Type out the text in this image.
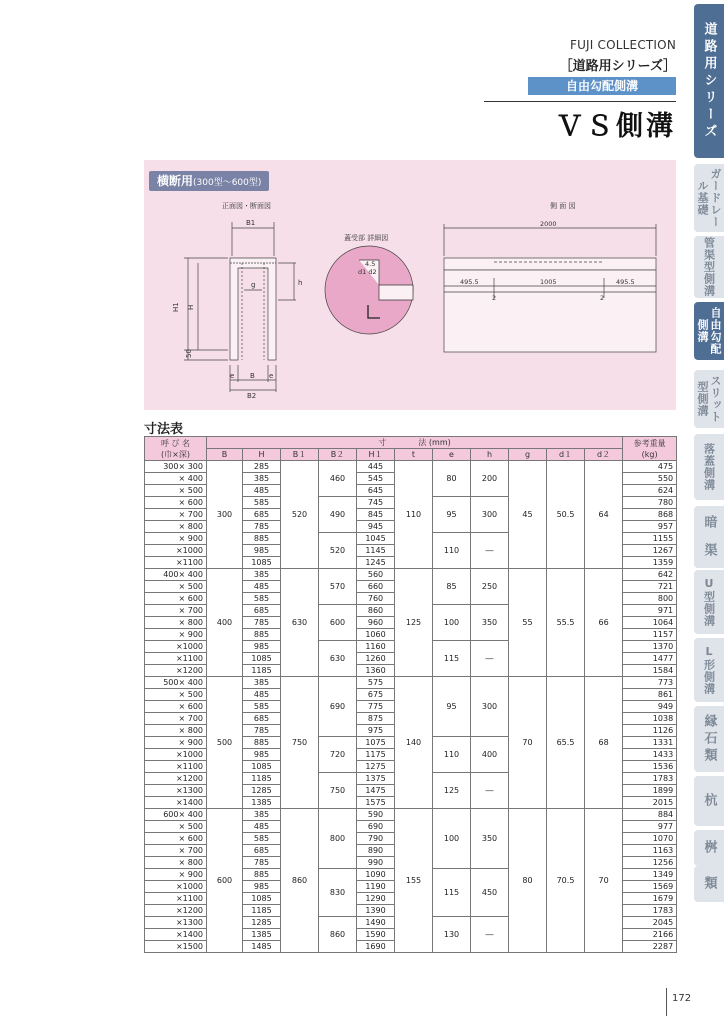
FUJI COLLECTION
［道路用シリーズ］
自由勾配側溝
ＶＳ側溝 道路用シリーズ
ガードレール基礎
管渠型側溝
自由勾配側溝
スリット型側溝
落蓋側溝
暗
渠
U型側溝
L形側溝
縁石類
杭
桝
類
正面図・断面図
蓋受部 詳細図
側 面 図
B1
H1 H
50
h
g
e B e
B2
4.5
d1 d2
2000
495.5	1005	495.5
2	2
横断用(300型～600型)
寸法表
呼 び 名
(巾×深)	寸　　　　法 (mm)											参考重量
(kg)
	B	H	B１	B２	H１	t	e	h	g	d１	d２	
300× 300	300	285	520	460	445	110	80	200	45	50.5	64	475
× 400		385			545							550
× 500		485			645							624
× 600		585		490	745		95	300				780
× 700		685			845							868
× 800		785			945							957
× 900		885		520	1045		110	―				1155
×1000		985			1145							1267
×1100		1085			1245							1359
400× 400	400	385	630	570	560	125	85	250	55	55.5	66	642
× 500		485			660							721
× 600		585			760							800
× 700		685		600	860		100	350				971
× 800		785			960							1064
× 900		885			1060							1157
×1000		985		630	1160		115	―				1370
×1100		1085			1260							1477
×1200		1185			1360							1584
500× 400	500	385	750	690	575	140	95	300	70	65.5	68	773
× 500		485			675							861
× 600		585			775							949
× 700		685			875							1038
× 800		785			975							1126
× 900		885		720	1075		110	400				1331
×1000		985			1175							1433
×1100		1085			1275							1536
×1200		1185		750	1375		125	―				1783
×1300		1285			1475							1899
×1400		1385			1575							2015
600× 400	600	385	860	800	590	155	100	350	80	70.5	70	884
× 500		485			690							977
× 600		585			790							1070
× 700		685			890							1163
× 800		785			990							1256
× 900		885		830	1090		115	450				1349
×1000		985			1190							1569
×1100		1085			1290							1679
×1200		1185			1390							1783
×1300		1285		860	1490		130	―				2045
×1400		1385			1590							2166
×1500		1485			1690							2287
172
